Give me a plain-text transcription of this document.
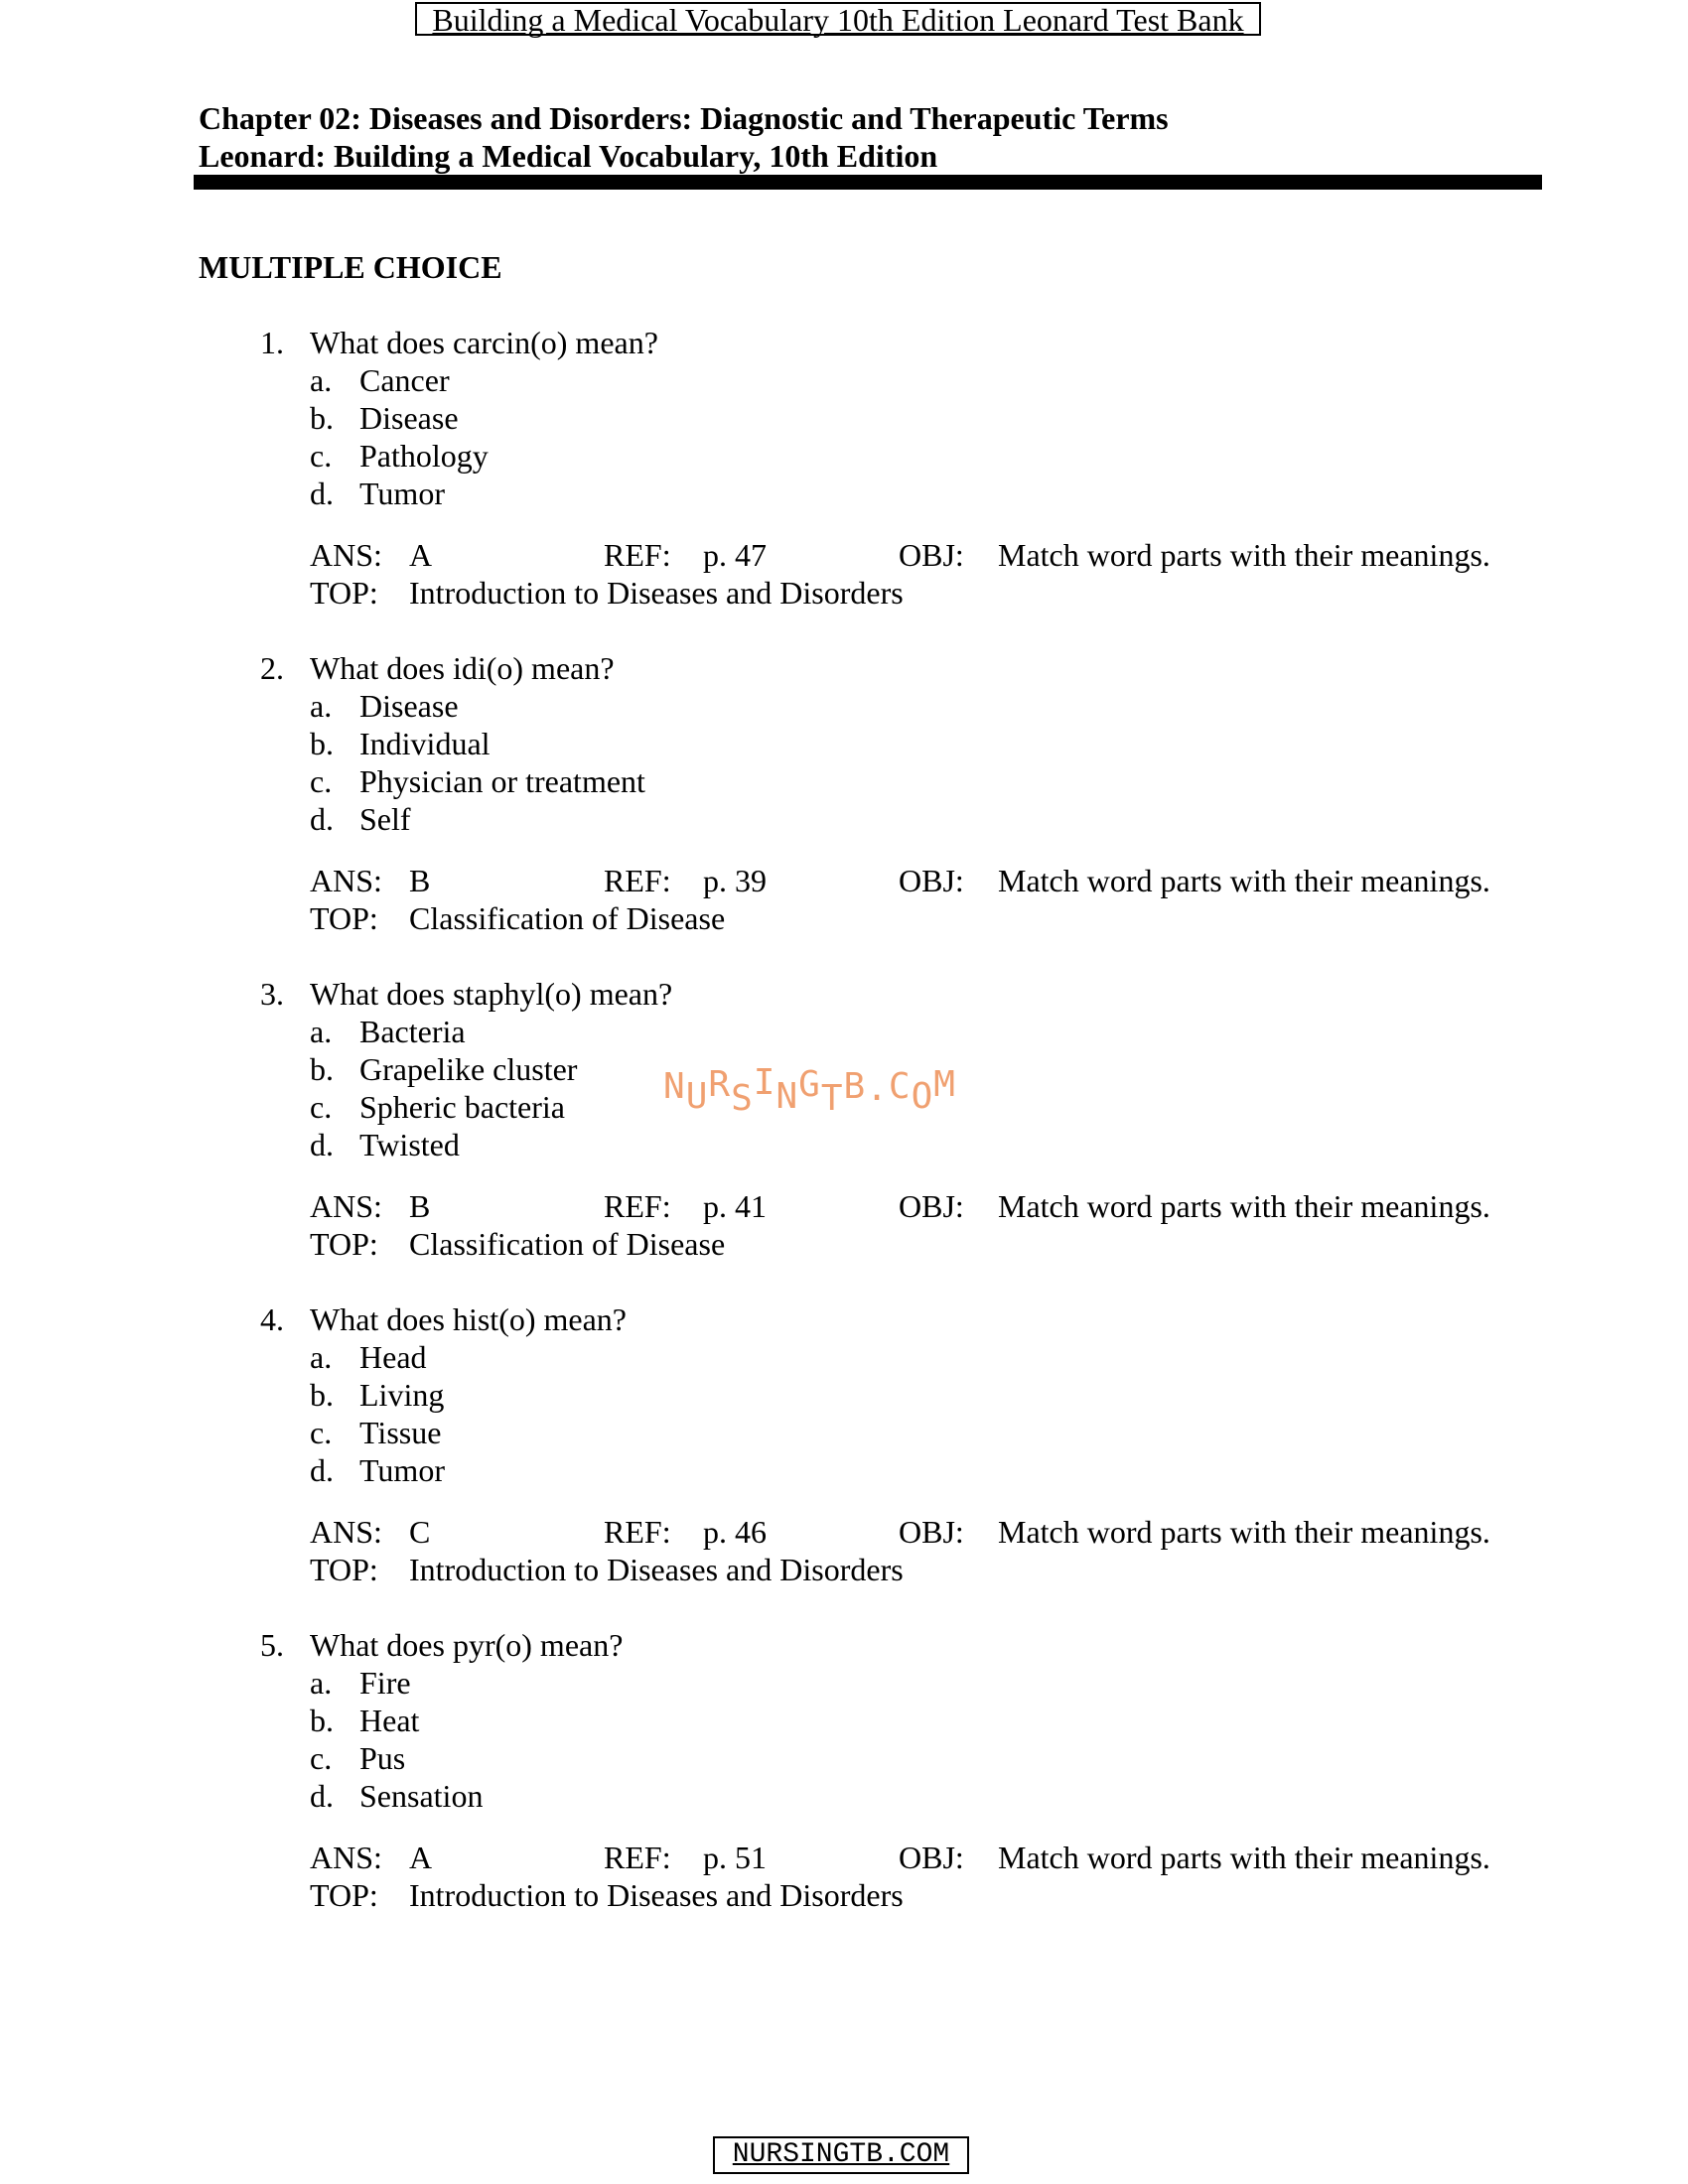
Building a Medical Vocabulary 10th Edition Leonard Test Bank
Chapter 02: Diseases and Disorders: Diagnostic and Therapeutic Terms
Leonard: Building a Medical Vocabulary, 10th Edition
MULTIPLE CHOICE
1. What does carcin(o) mean?
a. Cancer
b. Disease
c. Pathology
d. Tumor
ANS: A	REF: p. 47	OBJ: Match word parts with their meanings.
TOP: Introduction to Diseases and Disorders
2. What does idi(o) mean?
a. Disease
b. Individual
c. Physician or treatment
d. Self
ANS: B	REF: p. 39	OBJ: Match word parts with their meanings.
TOP: Classification of Disease
3. What does staphyl(o) mean?
a. Bacteria
b. Grapelike cluster
c. Spheric bacteria
d. Twisted
ANS: B	REF: p. 41	OBJ: Match word parts with their meanings.
TOP: Classification of Disease
4. What does hist(o) mean?
a. Head
b. Living
c. Tissue
d. Tumor
ANS: C	REF: p. 46	OBJ: Match word parts with their meanings.
TOP: Introduction to Diseases and Disorders
5. What does pyr(o) mean?
a. Fire
b. Heat
c. Pus
d. Sensation
ANS: A	REF: p. 51	OBJ: Match word parts with their meanings.
TOP: Introduction to Diseases and Disorders
NURSINGTB.COM
NURSINGTB.COM
